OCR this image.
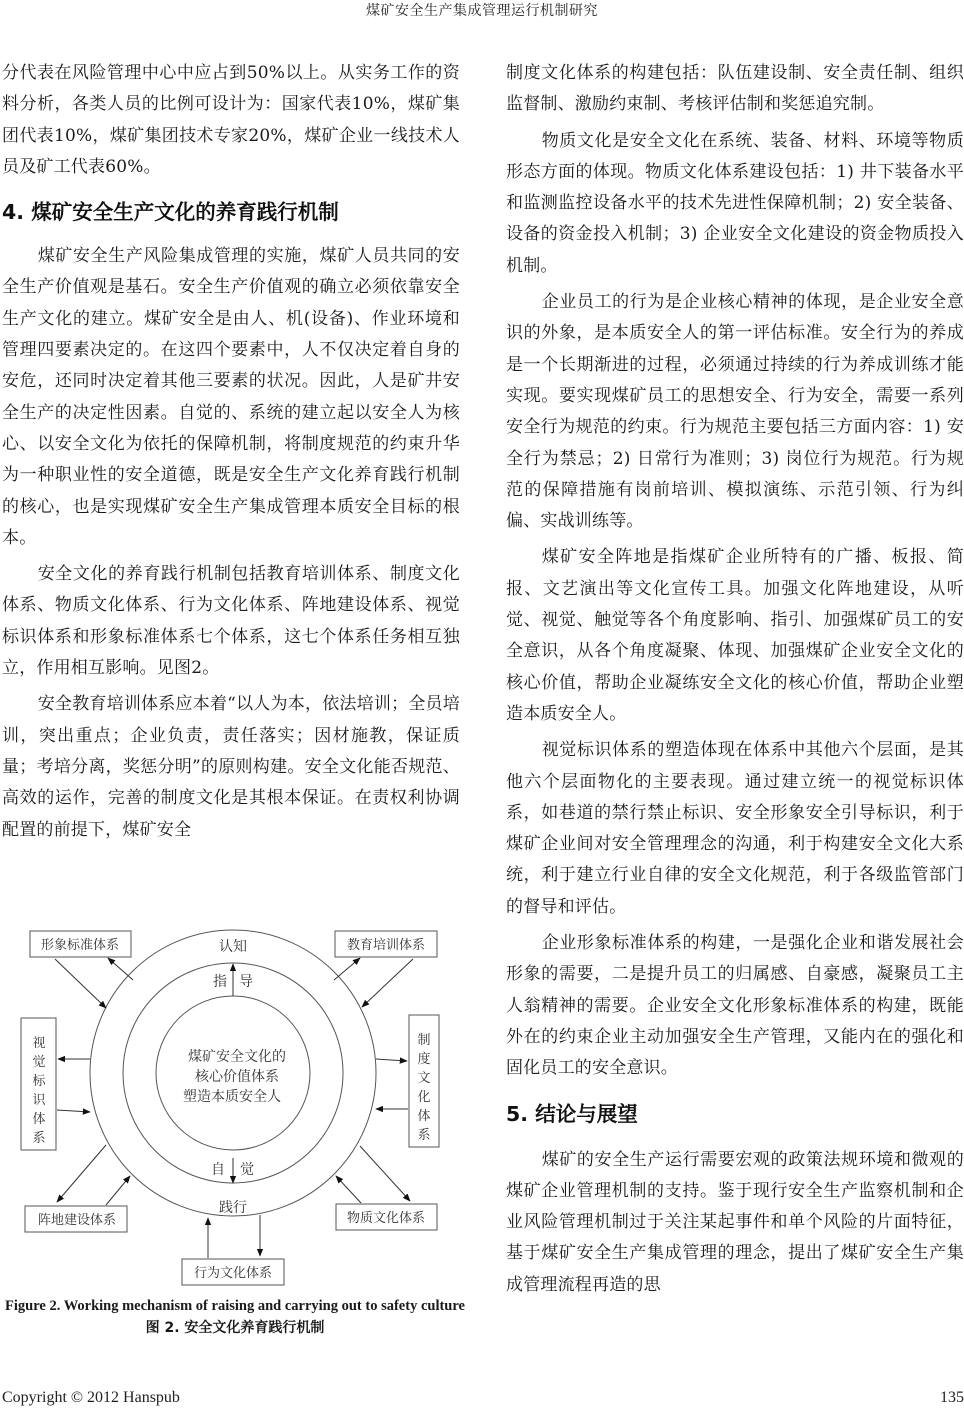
煤矿安全生产集成管理运行机制研究

分代表在风险管理中心中应占到50%以上。从实务工作的资料分析，各类人员的比例可设计为：国家代表10%，煤矿集团代表10%，煤矿集团技术专家20%，煤矿企业一线技术人员及矿工代表60%。

4. 煤矿安全生产文化的养育践行机制

煤矿安全生产风险集成管理的实施，煤矿人员共同的安全生产价值观是基石。安全生产价值观的确立必须依靠安全生产文化的建立。煤矿安全是由人、机(设备)、作业环境和管理四要素决定的。在这四个要素中，人不仅决定着自身的安危，还同时决定着其他三要素的状况。因此，人是矿井安全生产的决定性因素。自觉的、系统的建立起以安全人为核心、以安全文化为依托的保障机制，将制度规范的约束升华为一种职业性的安全道德，既是安全生产文化养育践行机制的核心，也是实现煤矿安全生产集成管理本质安全目标的根本。

安全文化的养育践行机制包括教育培训体系、制度文化体系、物质文化体系、行为文化体系、阵地建设体系、视觉标识体系和形象标准体系七个体系，这七个体系任务相互独立，作用相互影响。见图2。

安全教育培训体系应本着“以人为本，依法培训；全员培训，突出重点；企业负责，责任落实；因材施教，保证质量；考培分离，奖惩分明”的原则构建。安全文化能否规范、高效的运作，完善的制度文化是其根本保证。在责权利协调配置的前提下，煤矿安全

煤矿安全文化的
核心价值体系
塑造本质安全人
认知
指 导
自 觉
践行
形象标准体系	教育培训体系
视
觉
标
识
体
系
制
度
文
化
体
系
阵地建设体系	物质文化体系
行为文化体系
Figure 2. Working mechanism of raising and carrying out to safety culture
图 2. 安全文化养育践行机制

制度文化体系的构建包括：队伍建设制、安全责任制、组织监督制、激励约束制、考核评估制和奖惩追究制。

物质文化是安全文化在系统、装备、材料、环境等物质形态方面的体现。物质文化体系建设包括：1) 井下装备水平和监测监控设备水平的技术先进性保障机制；2) 安全装备、设备的资金投入机制；3) 企业安全文化建设的资金物质投入机制。

企业员工的行为是企业核心精神的体现，是企业安全意识的外象，是本质安全人的第一评估标准。安全行为的养成是一个长期渐进的过程，必须通过持续的行为养成训练才能实现。要实现煤矿员工的思想安全、行为安全，需要一系列安全行为规范的约束。行为规范主要包括三方面内容：1) 安全行为禁忌；2) 日常行为准则；3) 岗位行为规范。行为规范的保障措施有岗前培训、模拟演练、示范引领、行为纠偏、实战训练等。

煤矿安全阵地是指煤矿企业所特有的广播、板报、简报、文艺演出等文化宣传工具。加强文化阵地建设，从听觉、视觉、触觉等各个角度影响、指引、加强煤矿员工的安全意识，从各个角度凝聚、体现、加强煤矿企业安全文化的核心价值，帮助企业凝练安全文化的核心价值，帮助企业塑造本质安全人。

视觉标识体系的塑造体现在体系中其他六个层面，是其他六个层面物化的主要表现。通过建立统一的视觉标识体系，如巷道的禁行禁止标识、安全形象安全引导标识，利于煤矿企业间对安全管理理念的沟通，利于构建安全文化大系统，利于建立行业自律的安全文化规范，利于各级监管部门的督导和评估。

企业形象标准体系的构建，一是强化企业和谐发展社会形象的需要，二是提升员工的归属感、自豪感，凝聚员工主人翁精神的需要。企业安全文化形象标准体系的构建，既能外在的约束企业主动加强安全生产管理，又能内在的强化和固化员工的安全意识。

5. 结论与展望

煤矿的安全生产运行需要宏观的政策法规环境和微观的煤矿企业管理机制的支持。鉴于现行安全生产监察机制和企业风险管理机制过于关注某起事件和单个风险的片面特征，基于煤矿安全生产集成管理的理念，提出了煤矿安全生产集成管理流程再造的思

Copyright © 2012 Hanspub	135
